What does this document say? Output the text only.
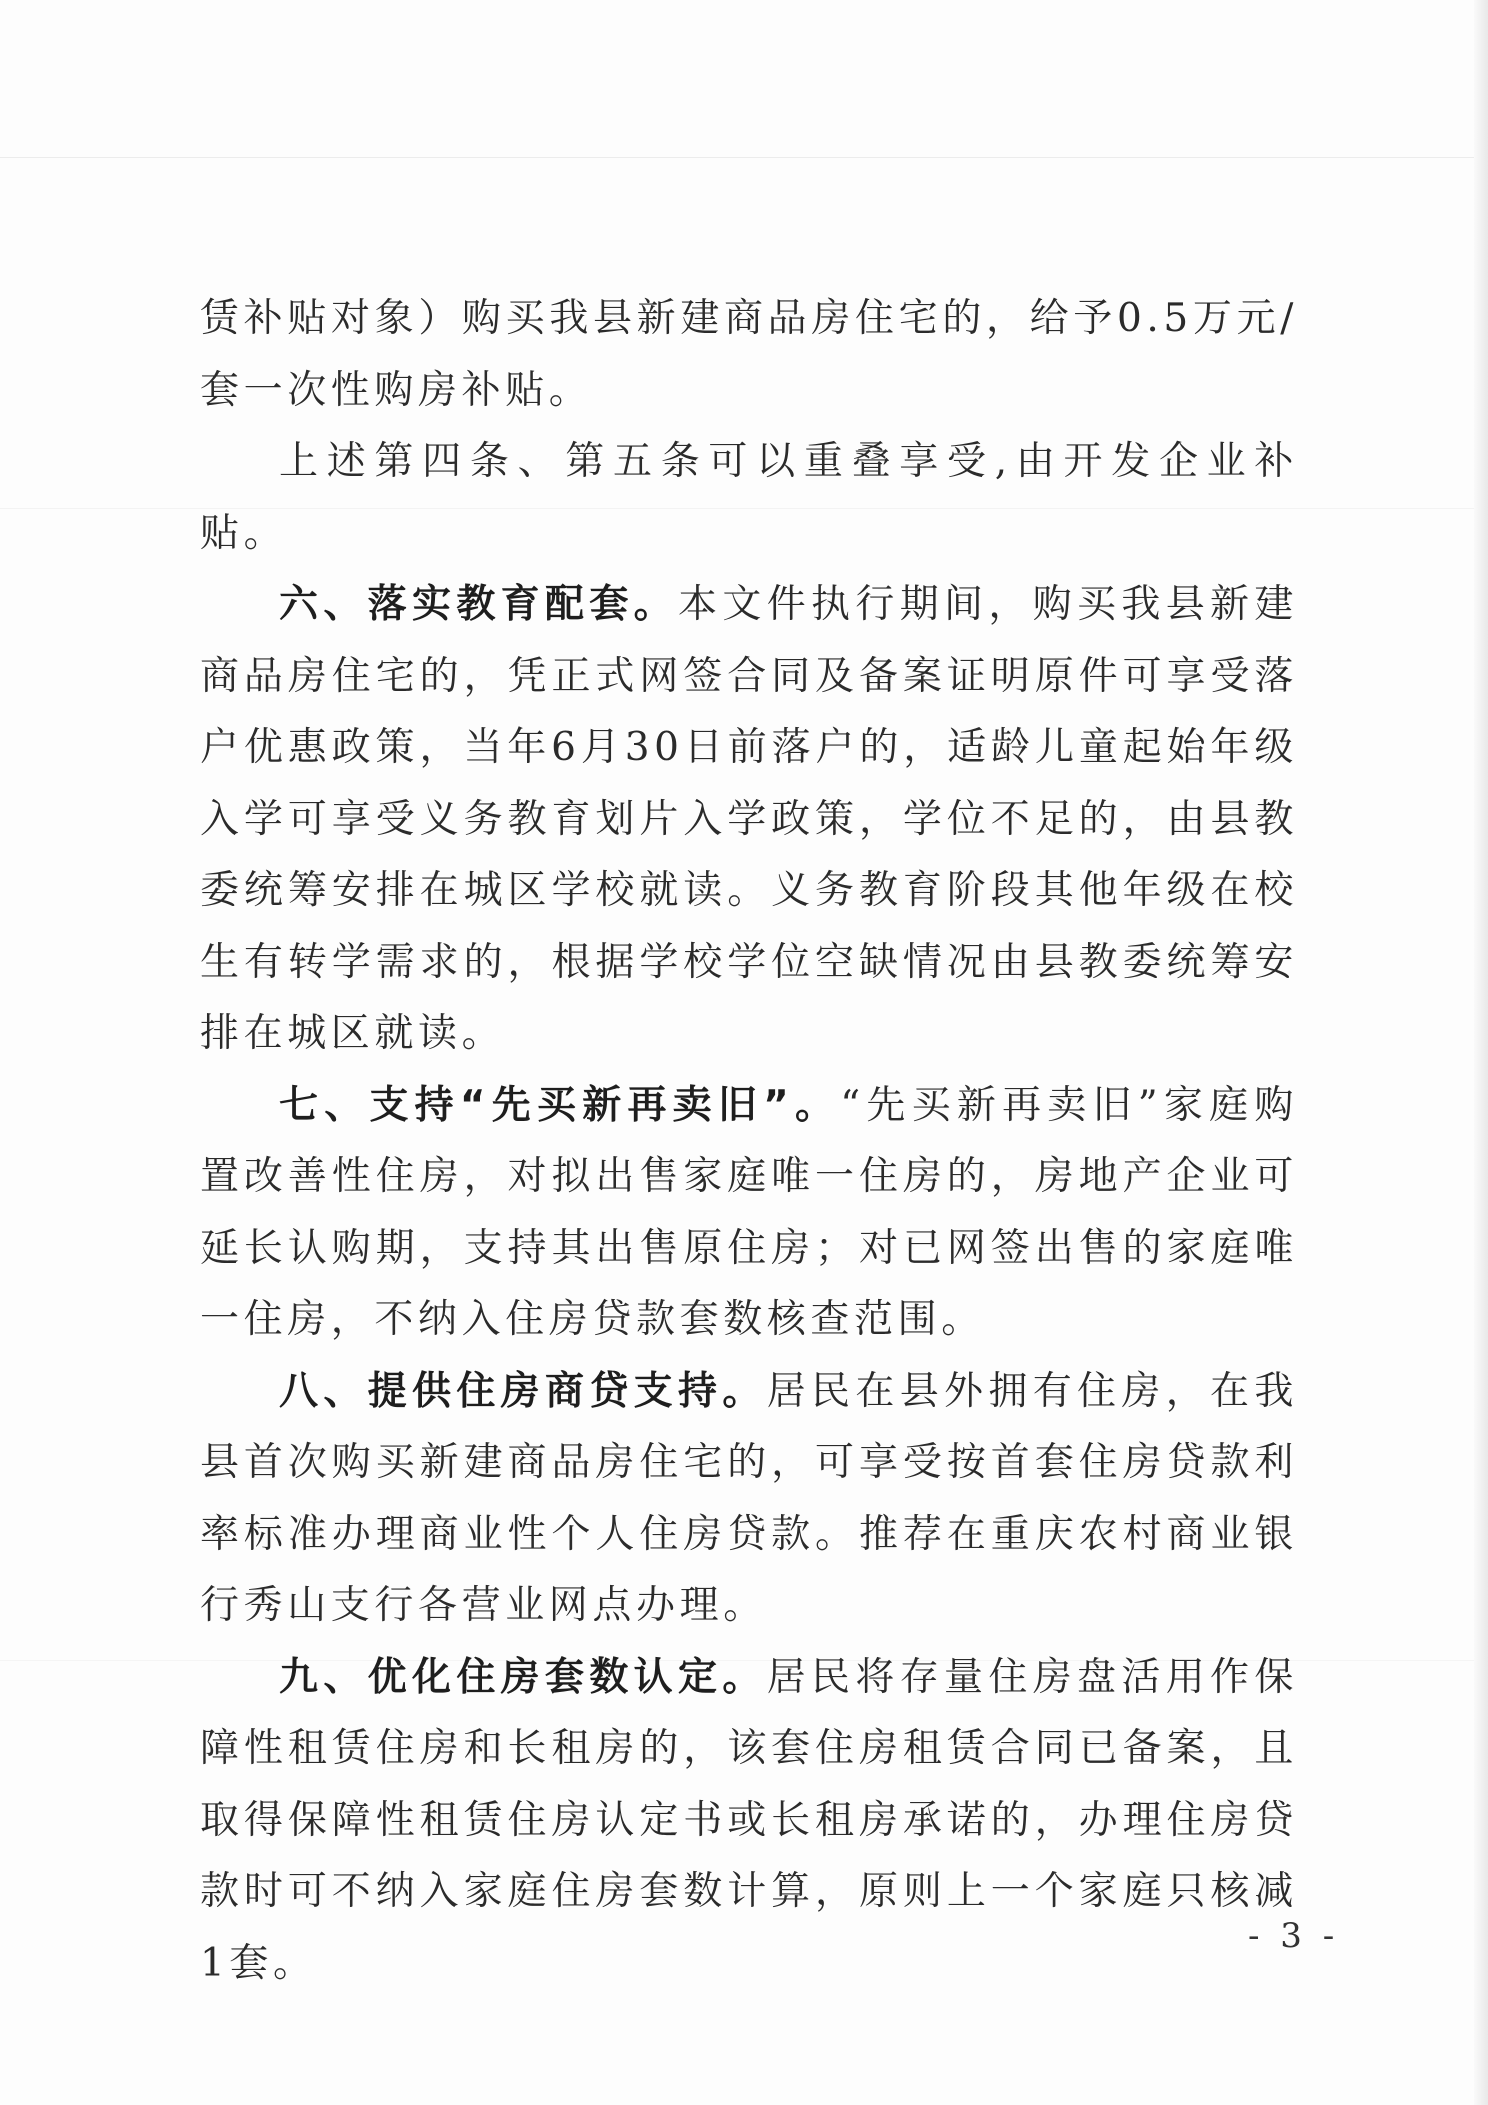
赁补贴对象）购买我县新建商品房住宅的，给予0.5万元/套一次性购房补贴。

上述第四条、第五条可以重叠享受,由开发企业补贴。

六、落实教育配套。本文件执行期间，购买我县新建商品房住宅的，凭正式网签合同及备案证明原件可享受落户优惠政策，当年6月30日前落户的，适龄儿童起始年级入学可享受义务教育划片入学政策，学位不足的，由县教委统筹安排在城区学校就读。义务教育阶段其他年级在校生有转学需求的，根据学校学位空缺情况由县教委统筹安排在城区就读。

七、支持“先买新再卖旧”。“先买新再卖旧”家庭购置改善性住房，对拟出售家庭唯一住房的，房地产企业可延长认购期，支持其出售原住房；对已网签出售的家庭唯一住房，不纳入住房贷款套数核查范围。

八、提供住房商贷支持。居民在县外拥有住房，在我县首次购买新建商品房住宅的，可享受按首套住房贷款利率标准办理商业性个人住房贷款。推荐在重庆农村商业银行秀山支行各营业网点办理。

九、优化住房套数认定。居民将存量住房盘活用作保障性租赁住房和长租房的，该套住房租赁合同已备案，且取得保障性租赁住房认定书或长租房承诺的，办理住房贷款时可不纳入家庭住房套数计算，原则上一个家庭只核减1套。

- 3 -
